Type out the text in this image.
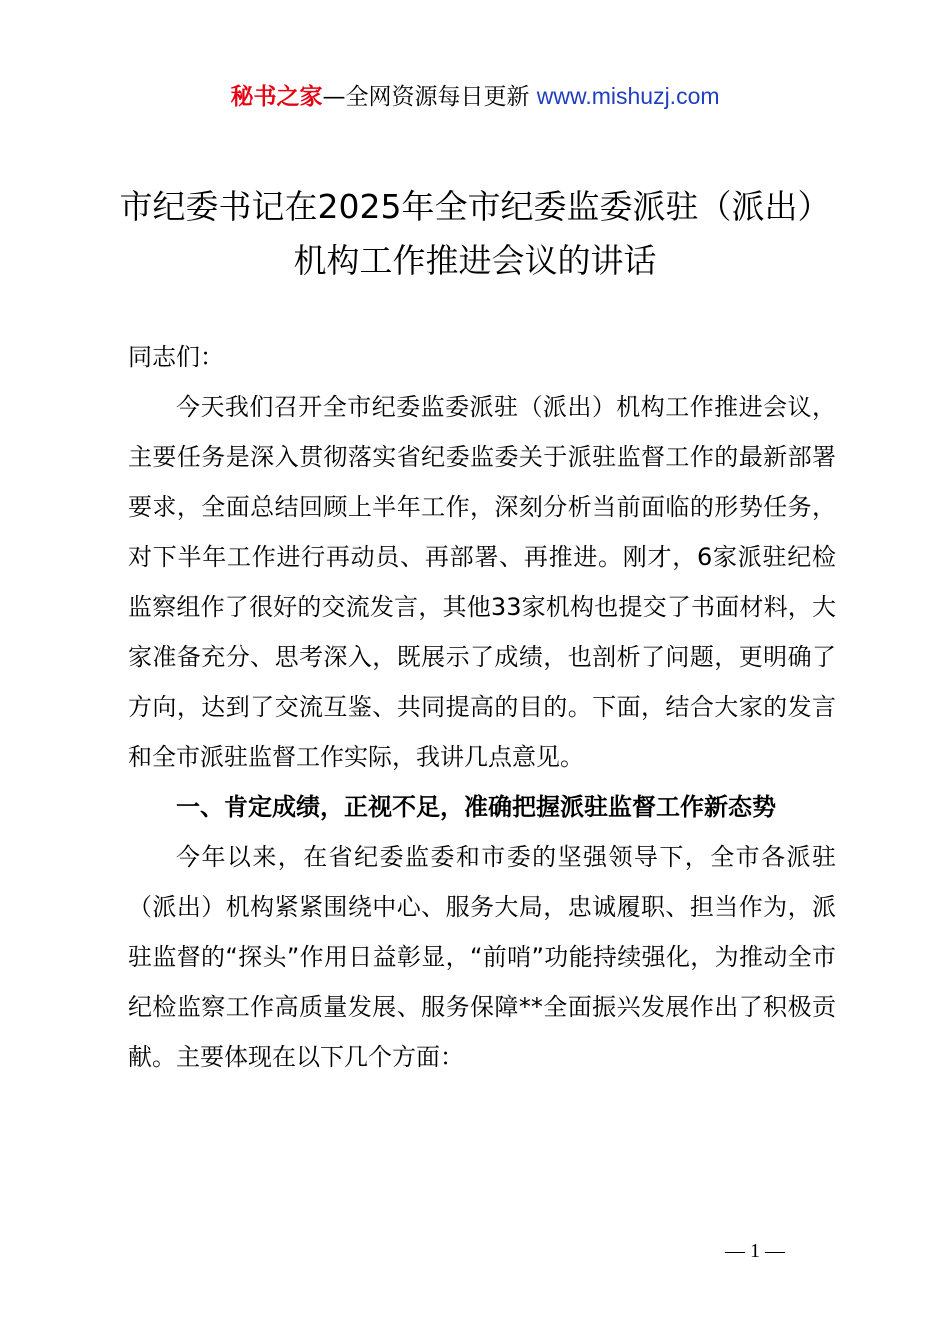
秘书之家—全网资源每日更新 www.mishuzj.com
市纪委书记在2025年全市纪委监委派驻（派出）机构工作推进会议的讲话

同志们：

今天我们召开全市纪委监委派驻（派出）机构工作推进会议，主要任务是深入贯彻落实省纪委监委关于派驻监督工作的最新部署要求，全面总结回顾上半年工作，深刻分析当前面临的形势任务，对下半年工作进行再动员、再部署、再推进。刚才，6家派驻纪检监察组作了很好的交流发言，其他33家机构也提交了书面材料，大家准备充分、思考深入，既展示了成绩，也剖析了问题，更明确了方向，达到了交流互鉴、共同提高的目的。下面，结合大家的发言和全市派驻监督工作实际，我讲几点意见。

一、肯定成绩，正视不足，准确把握派驻监督工作新态势

今年以来，在省纪委监委和市委的坚强领导下，全市各派驻（派出）机构紧紧围绕中心、服务大局，忠诚履职、担当作为，派驻监督的“探头”作用日益彰显，“前哨”功能持续强化，为推动全市纪检监察工作高质量发展、服务保障**全面振兴发展作出了积极贡献。主要体现在以下几个方面：

— 1 —
